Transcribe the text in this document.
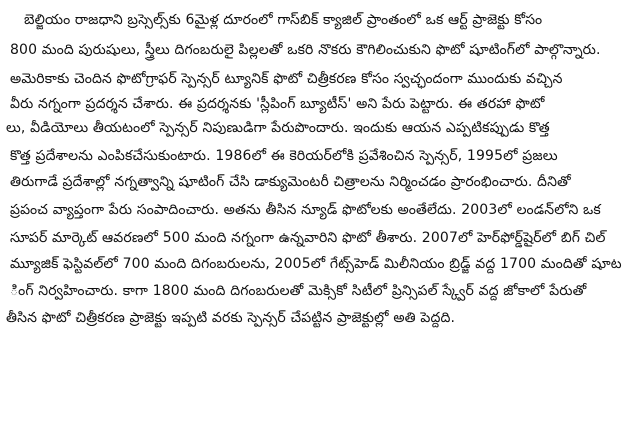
బెల్జియం రాజధాని బ్రస్సెల్స్‌కు 6మైళ్ల దూరంలో గాస్‌బిక్ క్యాజిల్ ప్రాంతంలో ఒక ఆర్ట్ ప్రాజెక్టు కోసం
800 మంది పురుషులు, స్త్రీలు దిగంబరులై పిల్లలతో ఒకరి నొకరు కౌగిలించుకుని ఫొటో షూటింగ్‌లో పాల్గొన్నారు.
అమెరికాకు చెందిన ఫొటోగ్రాఫర్ స్పెన్సర్ ట్యూనిక్ ఫొటో చిత్రీకరణ కోసం స్వచ్ఛందంగా ముందుకు వచ్చిన
వీరు నగ్నంగా ప్రదర్శన చేశారు. ఈ ప్రదర్శనకు 'స్లీపింగ్ బ్యూటీస్' అని పేరు పెట్టారు. ఈ తరహా ఫొటో
లు, వీడియోలు తీయటంలో స్పెన్సర్ నిపుణుడిగా పేరుపొందారు. ఇందుకు ఆయన ఎప్పటికప్పుడు కొత్త
కొత్త ప్రదేశాలను ఎంపికచేసుకుంటారు. 1986లో ఈ కెరియర్‌లోకి ప్రవేశించిన స్పెన్సర్, 1995లో ప్రజలు
తిరుగాడే ప్రదేశాల్లో నగ్నత్వాన్ని షూటింగ్ చేసి డాక్యుమెంటరీ చిత్రాలను నిర్మించడం ప్రారంభించారు. దీనితో
ప్రపంచ వ్యాప్తంగా పేరు సంపాదించారు. అతను తీసిన న్యూడ్ ఫొటోలకు అంతేలేదు. 2003లో లండన్‌లోని ఒక
సూపర్ మార్కెట్ ఆవరణలో 500 మంది నగ్నంగా ఉన్నవారిని ఫొటో తీశారు. 2007లో హెర్‌ఫోర్డ్‌షైర్‌లో బిగ్ చిల్
మ్యూజిక్ ఫెస్టివల్‌లో 700 మంది దిగంబరులను, 2005లో గేట్స్‌హెడ్ మిలీనియం బ్రిడ్జ్ వద్ద 1700 మందితో షూట
ింగ్ నిర్వహించారు. కాగా 1800 మంది దిగంబరులతో మెక్సికో సిటీలో ప్రిన్సిపల్ స్క్వేర్ వద్ద జోకాలో పేరుతో
తీసిన ఫొటో చిత్రీకరణ ప్రాజెక్టు ఇప్పటి వరకు స్పెన్సర్ చేపట్టిన ప్రాజెక్టుల్లో అతి పెద్దది.
